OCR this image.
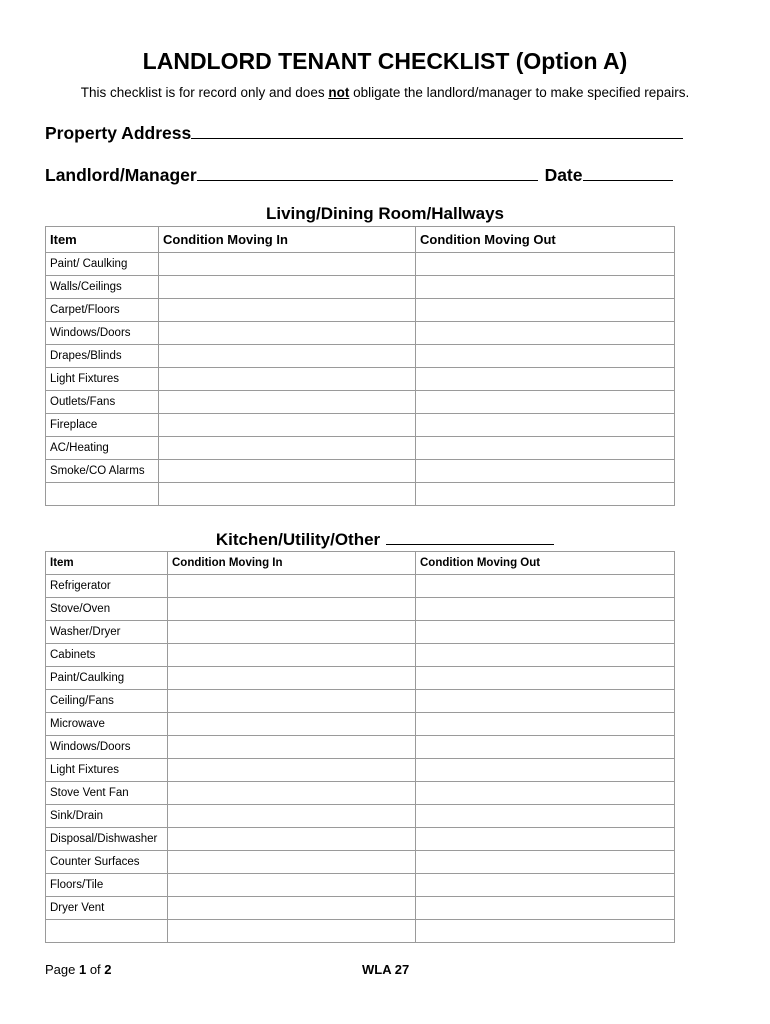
LANDLORD TENANT CHECKLIST (Option A)
This checklist is for record only and does not obligate the landlord/manager to make specified repairs.
Property Address
Landlord/Manager	Date
Living/Dining Room/Hallways
Item	Condition Moving In	Condition Moving Out
Paint/ Caulking		
Walls/Ceilings		
Carpet/Floors		
Windows/Doors		
Drapes/Blinds		
Light Fixtures		
Outlets/Fans		
Fireplace		
AC/Heating		
Smoke/CO Alarms		

Kitchen/Utility/Other
Item	Condition Moving In	Condition Moving Out
Refrigerator		
Stove/Oven		
Washer/Dryer		
Cabinets		
Paint/Caulking		
Ceiling/Fans		
Microwave		
Windows/Doors		
Light Fixtures		
Stove Vent Fan		
Sink/Drain		
Disposal/Dishwasher		
Counter Surfaces		
Floors/Tile		
Dryer Vent		

Page 1 of 2	WLA 27
